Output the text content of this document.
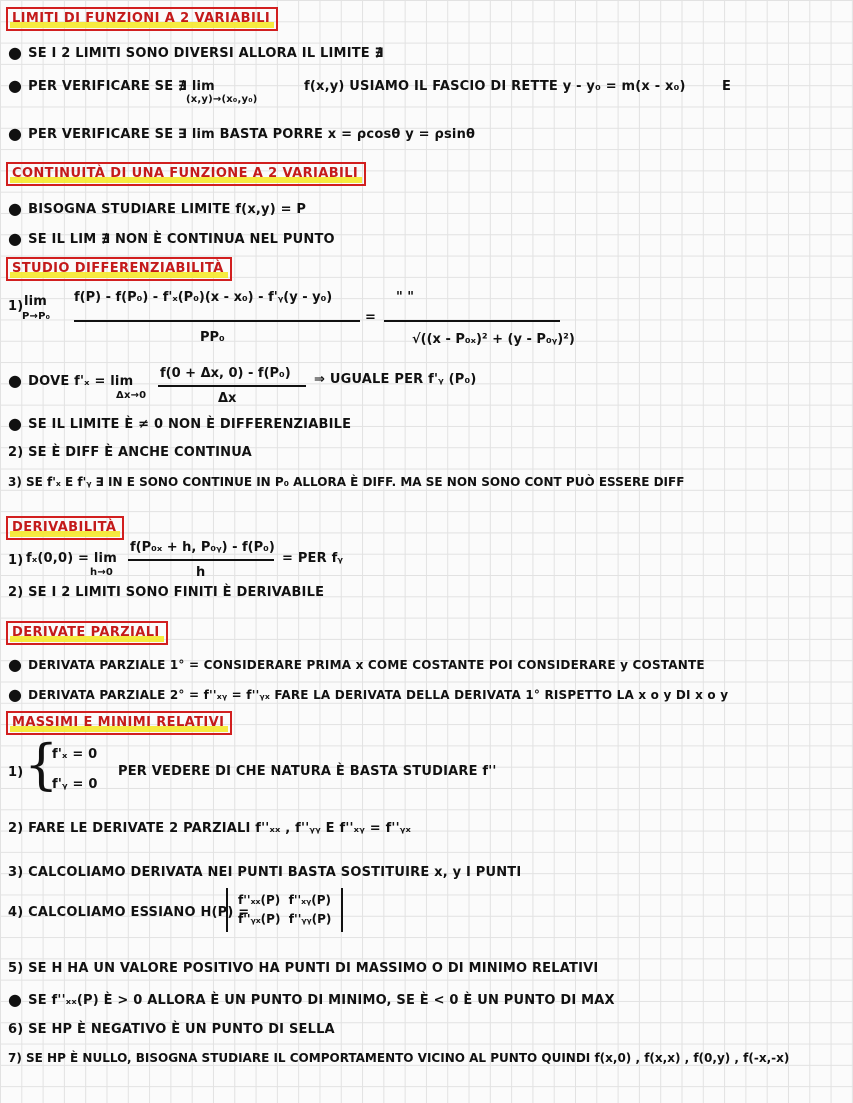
LIMITI DI FUNZIONI A 2 VARIABILI
● SE I 2 LIMITI SONO DIVERSI ALLORA IL LIMITE ∄
● PER VERIFICARE SE ∄ lim
(x,y)→(x₀,y₀)
f(x,y) USIAMO IL FASCIO DI RETTE y - y₀ = m(x - x₀)	E
● PER VERIFICARE SE ∃ lim BASTA PORRE x = ρcosθ y = ρsinθ
CONTINUITÀ DI UNA FUNZIONE A 2 VARIABILI
● BISOGNA STUDIARE LIMITE f(x,y) = P
● SE IL LIM ∄ NON È CONTINUA NEL PUNTO
STUDIO DIFFERENZIABILITÀ
1) lim
P→P₀
f(P) - f(P₀) - f'ₓ(P₀)(x - x₀) - f'ᵧ(y - y₀)
PP₀
=
" "
√((x - P₀ₓ)² + (y - P₀ᵧ)²)
● DOVE f'ₓ = lim
Δx→0
f(0 + Δx, 0) - f(P₀)
Δx
⇒ UGUALE PER f'ᵧ (P₀)
● SE IL LIMITE È ≠ 0 NON È DIFFERENZIABILE
2) SE È DIFF È ANCHE CONTINUA
3) SE f'ₓ E f'ᵧ ∃ IN E SONO CONTINUE IN P₀ ALLORA È DIFF. MA SE NON SONO CONT PUÒ ESSERE DIFF
DERIVABILITÀ
1) fₓ(0,0) = lim
h→0
f(P₀ₓ + h, P₀ᵧ) - f(P₀)
h
= PER fᵧ
2) SE I 2 LIMITI SONO FINITI È DERIVABILE
DERIVATE PARZIALI
● DERIVATA PARZIALE 1° = CONSIDERARE PRIMA x COME COSTANTE POI CONSIDERARE y COSTANTE
● DERIVATA PARZIALE 2° = f''ₓᵧ = f''ᵧₓ FARE LA DERIVATA DELLA DERIVATA 1° RISPETTO LA x o y DI x o y
MASSIMI E MINIMI RELATIVI
1) {
f'ₓ = 0
f'ᵧ = 0
PER VEDERE DI CHE NATURA È BASTA STUDIARE f''
2) FARE LE DERIVATE 2 PARZIALI f''ₓₓ , f''ᵧᵧ E f''ₓᵧ = f''ᵧₓ
3) CALCOLIAMO DERIVATA NEI PUNTI BASTA SOSTITUIRE x, y I PUNTI
4) CALCOLIAMO ESSIANO H(P) =
f''ₓₓ(P) f''ₓᵧ(P)
f''ᵧₓ(P) f''ᵧᵧ(P)
5) SE H HA UN VALORE POSITIVO HA PUNTI DI MASSIMO O DI MINIMO RELATIVI
● SE f''ₓₓ(P) È > 0 ALLORA È UN PUNTO DI MINIMO, SE È < 0 È UN PUNTO DI MAX
6) SE HP È NEGATIVO È UN PUNTO DI SELLA
7) SE HP È NULLO, BISOGNA STUDIARE IL COMPORTAMENTO VICINO AL PUNTO QUINDI f(x,0) , f(x,x) , f(0,y) , f(-x,-x)
